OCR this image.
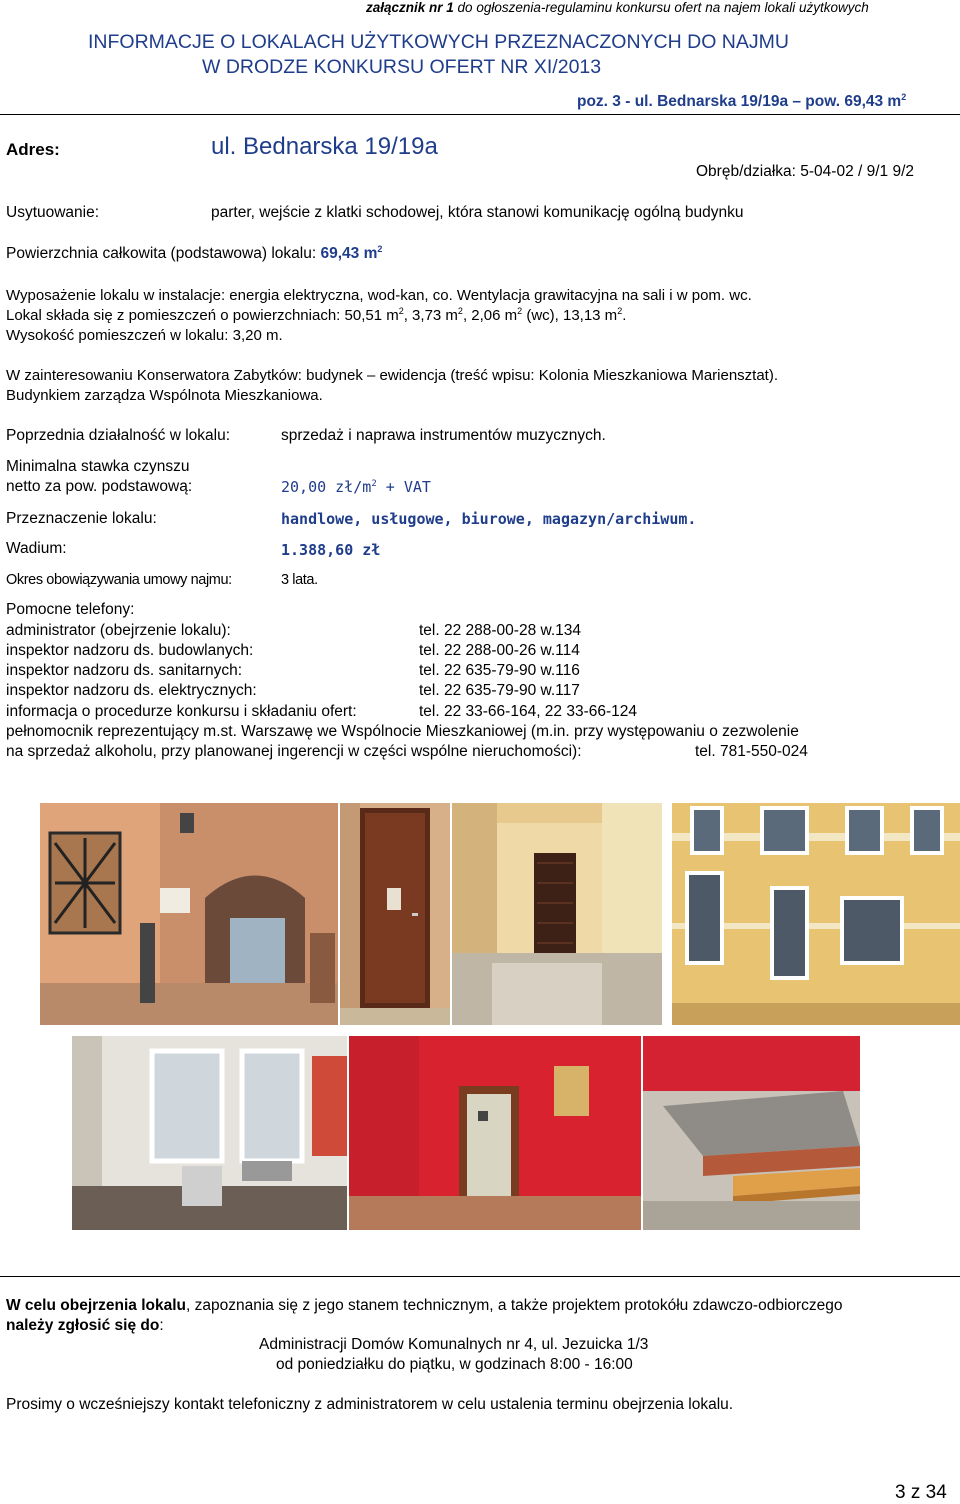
załącznik nr 1 do ogłoszenia-regulaminu konkursu ofert na najem lokali użytkowych
INFORMACJE O LOKALACH UŻYTKOWYCH PRZEZNACZONYCH DO NAJMU
W DRODZE KONKURSU OFERT NR XI/2013
poz. 3 - ul. Bednarska 19/19a – pow. 69,43 $m^2$
Adres:	ul. Bednarska 19/19a
Obręb/działka: 5-04-02 / 9/1 9/2
Usytuowanie:	parter, wejście z klatki schodowej, która stanowi komunikację ogólną budynku
Powierzchnia całkowita (podstawowa) lokalu: 69,43 $m^2$
Wyposażenie lokalu w instalacje: energia elektryczna, wod-kan, co. Wentylacja grawitacyjna na sali i w pom. wc.
Lokal składa się z pomieszczeń o powierzchniach: 50,51 $m^2$, 3,73 $m^2$, 2,06 $m^2$ (wc), 13,13 $m^2$.
Wysokość pomieszczeń w lokalu: 3,20 m.
W zainteresowaniu Konserwatora Zabytków: budynek – ewidencja (treść wpisu: Kolonia Mieszkaniowa Mariensztat).
Budynkiem zarządza Wspólnota Mieszkaniowa.
Poprzednia działalność w lokalu:	sprzedaż i naprawa instrumentów muzycznych.
Minimalna stawka czynszu
netto za pow. podstawową:	20,00 $zł/m^2$ + VAT
Przeznaczenie lokalu:	handlowe, usługowe, biurowe, magazyn/archiwum.
Wadium:	1.388,60 zł
Okres obowiązywania umowy najmu:	3 lata.
Pomocne telefony:
administrator (obejrzenie lokalu):	tel. 22 288-00-28 w.134
inspektor nadzoru ds. budowlanych:	tel. 22 288-00-26 w.114
inspektor nadzoru ds. sanitarnych:	tel. 22 635-79-90 w.116
inspektor nadzoru ds. elektrycznych:	tel. 22 635-79-90 w.117
informacja o procedurze konkursu i składaniu ofert:	tel. 22 33-66-164, 22 33-66-124
pełnomocnik reprezentujący m.st. Warszawę we Wspólnocie Mieszkaniowej (m.in. przy występowaniu o zezwolenie
na sprzedaż alkoholu, przy planowanej ingerencji w części wspólne nieruchomości):	tel. 781-550-024
W celu obejrzenia lokalu, zapoznania się z jego stanem technicznym, a także projektem protokółu zdawczo-odbiorczego
należy zgłosić się do:
Administracji Domów Komunalnych nr 4, ul. Jezuicka 1/3
od poniedziałku do piątku, w godzinach 8:00 - 16:00
Prosimy o wcześniejszy kontakt telefoniczny z administratorem w celu ustalenia terminu obejrzenia lokalu.
3 z 34
